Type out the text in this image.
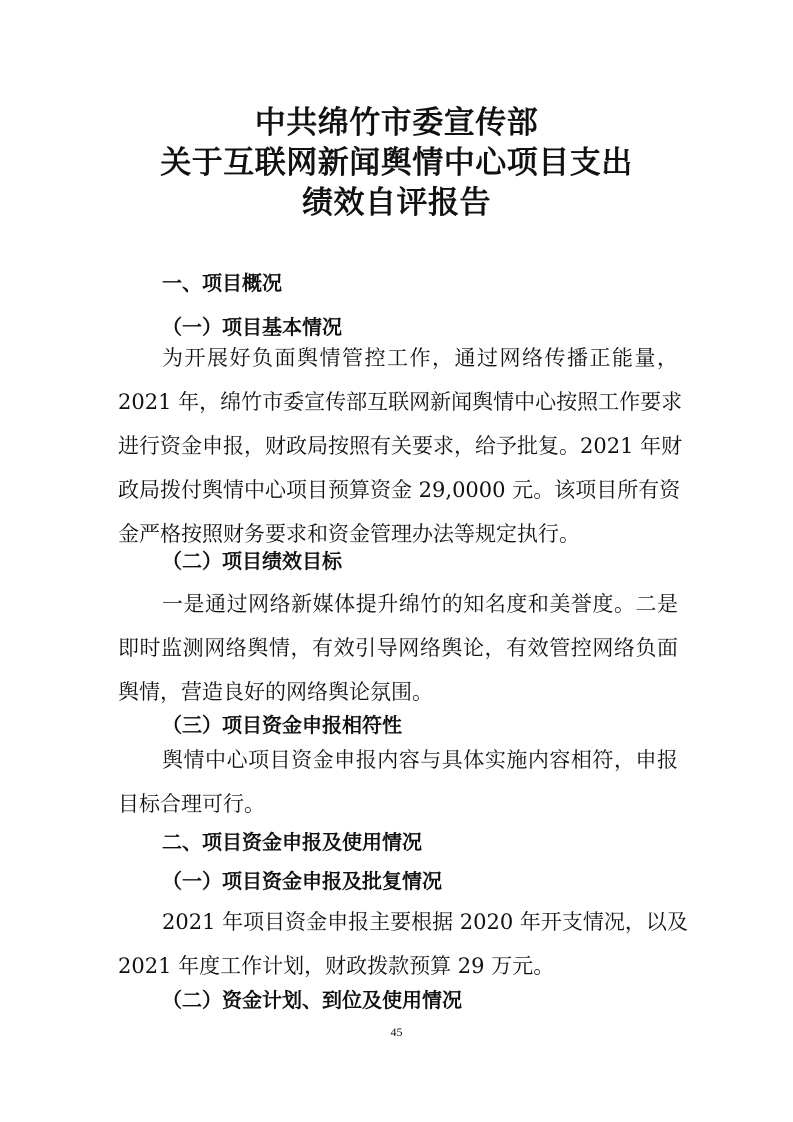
中共绵竹市委宣传部
关于互联网新闻舆情中心项目支出
绩效自评报告
一、项目概况
（一）项目基本情况
为开展好负面舆情管控工作，通过网络传播正能量，
2021 年，绵竹市委宣传部互联网新闻舆情中心按照工作要求
进行资金申报，财政局按照有关要求，给予批复。2021 年财
政局拨付舆情中心项目预算资金 29,0000 元。该项目所有资
金严格按照财务要求和资金管理办法等规定执行。
（二）项目绩效目标
一是通过网络新媒体提升绵竹的知名度和美誉度。二是
即时监测网络舆情，有效引导网络舆论，有效管控网络负面
舆情，营造良好的网络舆论氛围。
（三）项目资金申报相符性
舆情中心项目资金申报内容与具体实施内容相符，申报
目标合理可行。
二、项目资金申报及使用情况
（一）项目资金申报及批复情况
2021 年项目资金申报主要根据 2020 年开支情况，以及
2021 年度工作计划，财政拨款预算 29 万元。
（二）资金计划、到位及使用情况
45
